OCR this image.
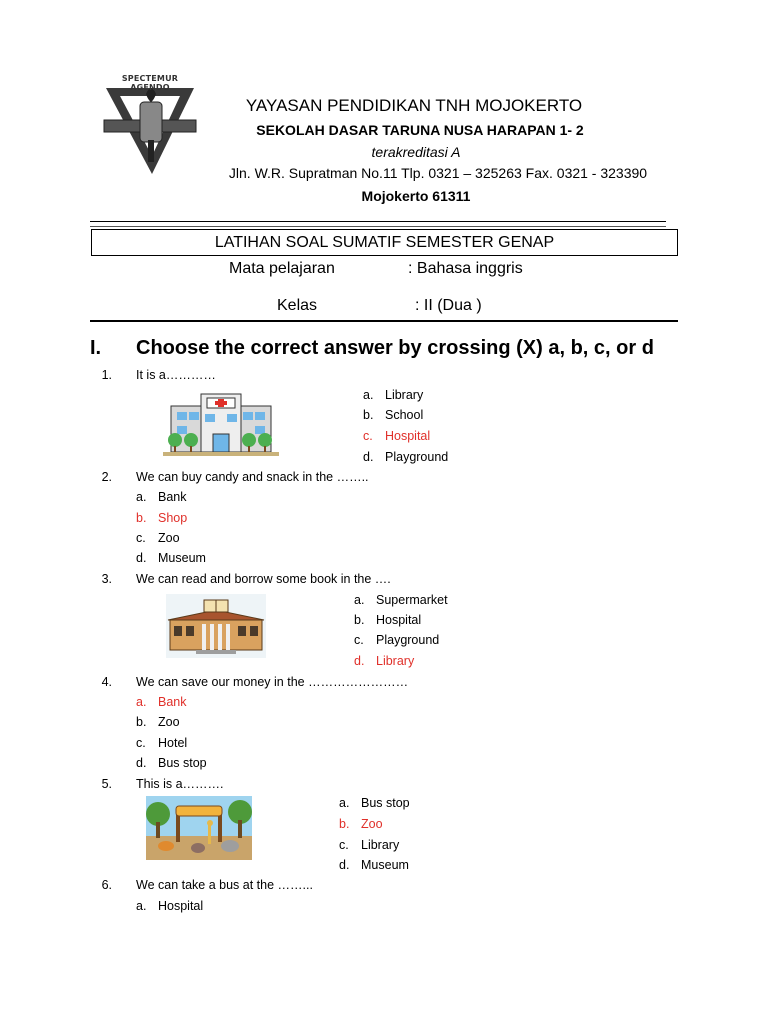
SPECTEMUR AGENDO
YAYASAN PENDIDIKAN TNH MOJOKERTO
SEKOLAH DASAR TARUNA NUSA HARAPAN 1- 2
terakreditasi A
Jln. W.R. Supratman No.11 Tlp. 0321 – 325263 Fax. 0321 - 323390
Mojokerto 61311
LATIHAN SOAL SUMATIF SEMESTER GENAP
Mata pelajaran	: Bahasa inggris
Kelas	: II (Dua )
I. Choose the correct answer by crossing (X) a, b, c, or d
1. It is a…………
a. Library
b. School
c. Hospital
d. Playground
2. We can buy candy and snack in the ……..
a. Bank
b. Shop
c. Zoo
d. Museum
3. We can read and borrow some book in the ….
a. Supermarket
b. Hospital
c. Playground
d. Library
4. We can save our money in the ……………………
a. Bank
b. Zoo
c. Hotel
d. Bus stop
5. This is a……….
a. Bus stop
b. Zoo
c. Library
d. Museum
6. We can take a bus at the ……...
a. Hospital
